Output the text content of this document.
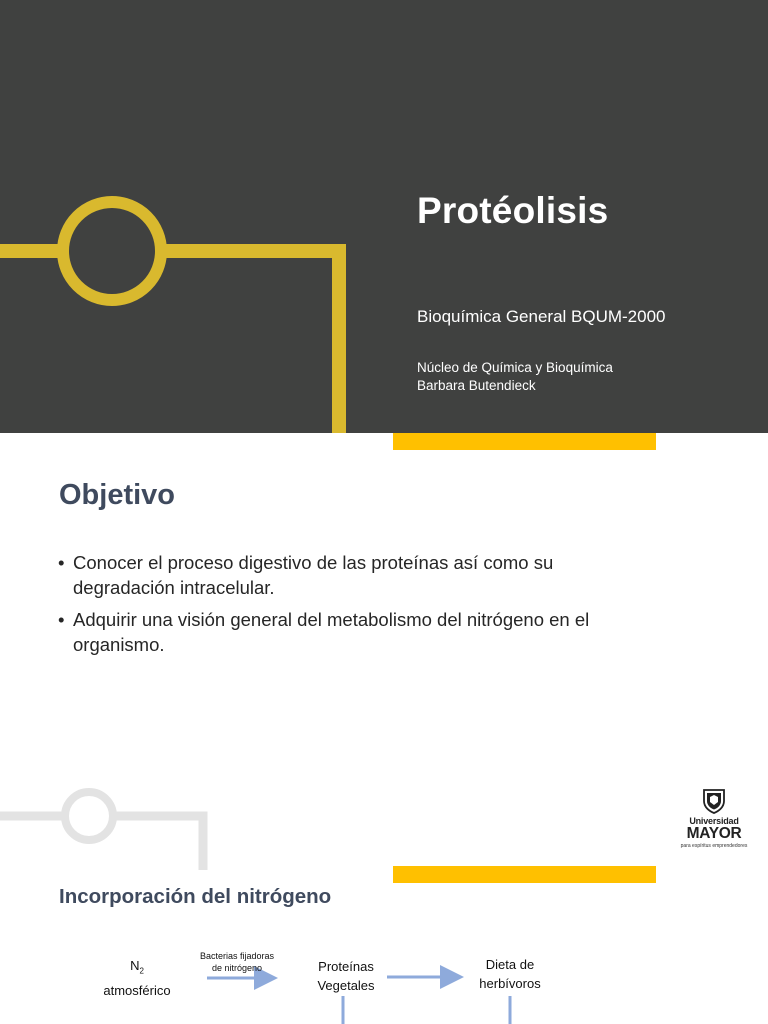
Protéolisis
Bioquímica General BQUM-2000
Núcleo de Química y Bioquímica
Barbara Butendieck
Objetivo
• Conocer el proceso digestivo de las proteínas así como su
degradación intracelular.
• Adquirir una visión general del metabolismo del nitrógeno en el
organismo.
Universidad
MAYOR
para espíritus emprendedores
Incorporación del nitrógeno
$N_2$
atmosférico
Bacterias fijadoras
de nitrógeno	Proteínas
Vegetales
Dieta de
herbívoros
